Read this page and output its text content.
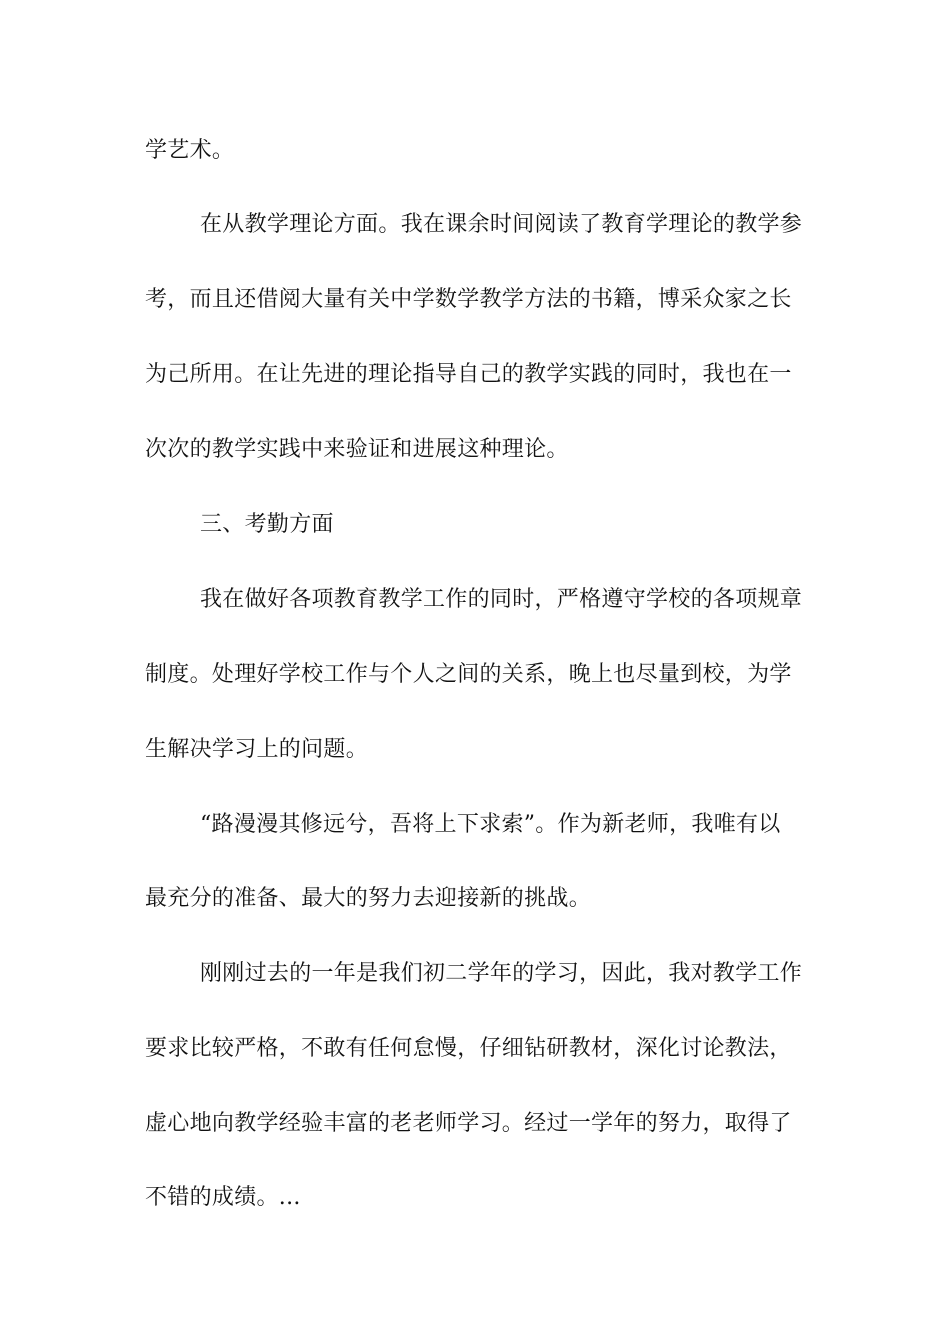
学艺术。
在从教学理论方面。我在课余时间阅读了教育学理论的教学参
考，而且还借阅大量有关中学数学教学方法的书籍，博采众家之长
为己所用。在让先进的理论指导自己的教学实践的同时，我也在一
次次的教学实践中来验证和进展这种理论。
三、考勤方面
我在做好各项教育教学工作的同时，严格遵守学校的各项规章
制度。处理好学校工作与个人之间的关系，晚上也尽量到校，为学
生解决学习上的问题。
“路漫漫其修远兮，吾将上下求索”。作为新老师，我唯有以
最充分的准备、最大的努力去迎接新的挑战。
刚刚过去的一年是我们初二学年的学习，因此，我对教学工作
要求比较严格，不敢有任何怠慢，仔细钻研教材，深化讨论教法，
虚心地向教学经验丰富的老老师学习。经过一学年的努力，取得了
不错的成绩。...
